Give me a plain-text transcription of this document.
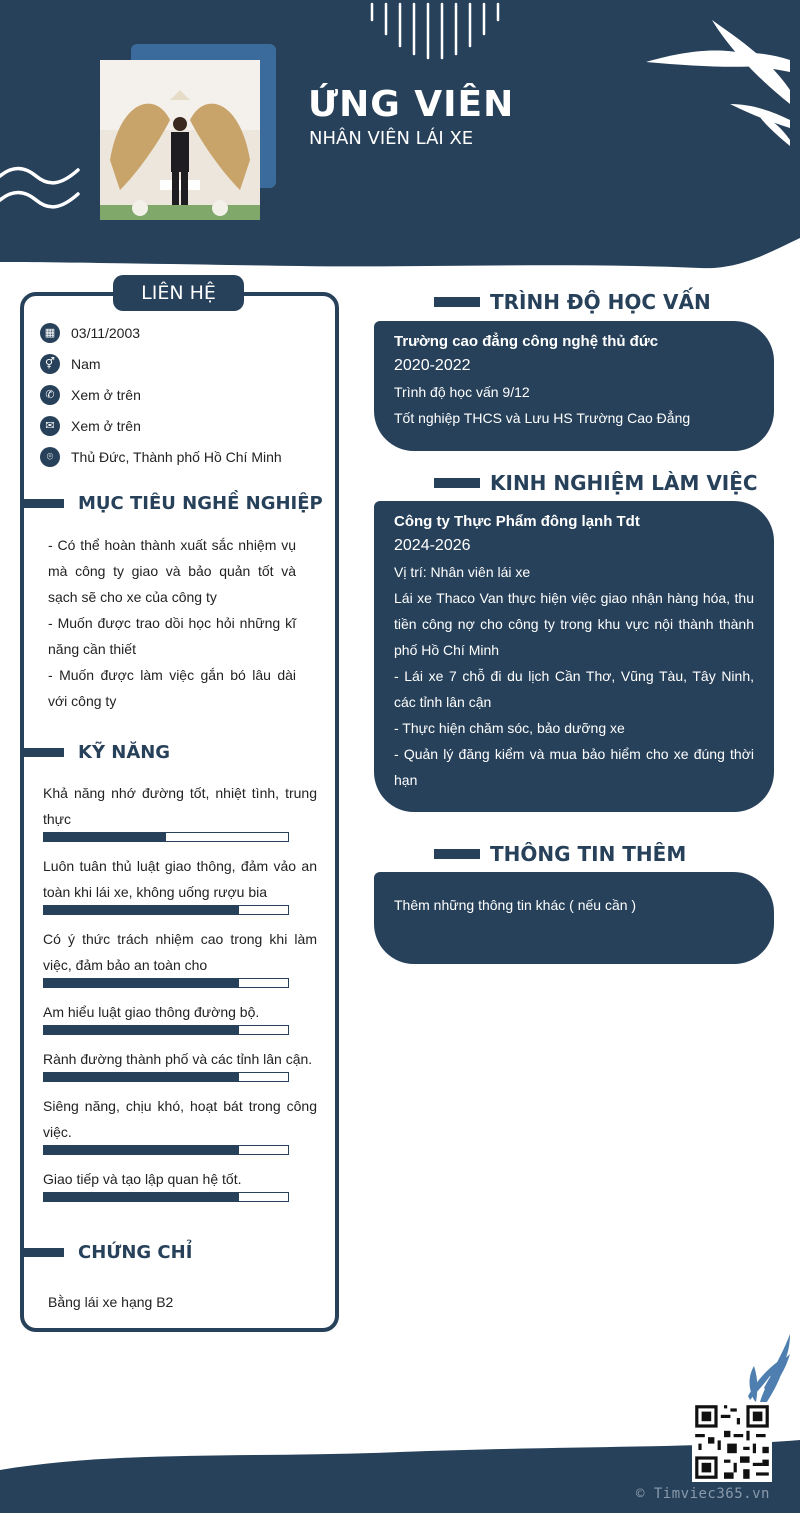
ỨNG VIÊN
NHÂN VIÊN LÁI XE
LIÊN HỆ
▦	03/11/2003
⚥	Nam
✆	Xem ở trên
✉	Xem ở trên
⌾	Thủ Đức, Thành phố Hồ Chí Minh
MỤC TIÊU NGHỀ NGHIỆP
- Có thể hoàn thành xuất sắc nhiệm vụ mà công ty giao và bảo quản tốt và sạch sẽ cho xe của công ty
- Muốn được trao dồi học hỏi những kĩ năng cần thiết
- Muốn được làm việc gắn bó lâu dài với công ty
KỸ NĂNG
Khả năng nhớ đường tốt, nhiệt tình, trung thực
Luôn tuân thủ luật giao thông, đảm vảo an toàn khi lái xe, không uống rượu bia
Có ý thức trách nhiệm cao trong khi làm việc, đảm bảo an toàn cho
Am hiểu luật giao thông đường bộ.
Rành đường thành phố và các tỉnh lân cận.
Siêng năng, chịu khó, hoạt bát trong công việc.
Giao tiếp và tạo lập quan hệ tốt.
CHỨNG CHỈ
Bằng lái xe hạng B2
TRÌNH ĐỘ HỌC VẤN
Trường cao đẳng công nghệ thủ đức
2020-2022
Trình độ học vấn 9/12
Tốt nghiệp THCS và Lưu HS Trường Cao Đẳng
KINH NGHIỆM LÀM VIỆC
Công ty Thực Phẩm đông lạnh Tdt
2024-2026
Vị trí: Nhân viên lái xe
Lái xe Thaco Van thực hiện việc giao nhận hàng hóa, thu tiền công nợ cho công ty trong khu vực nội thành thành phố Hồ Chí Minh
- Lái xe 7 chỗ đi du lịch Cần Thơ, Vũng Tàu, Tây Ninh, các tỉnh lân cận
- Thực hiện chăm sóc, bảo dưỡng xe
- Quản lý đăng kiểm và mua bảo hiểm cho xe đúng thời hạn
THÔNG TIN THÊM
Thêm những thông tin khác ( nếu cần )
© Timviec365.vn
